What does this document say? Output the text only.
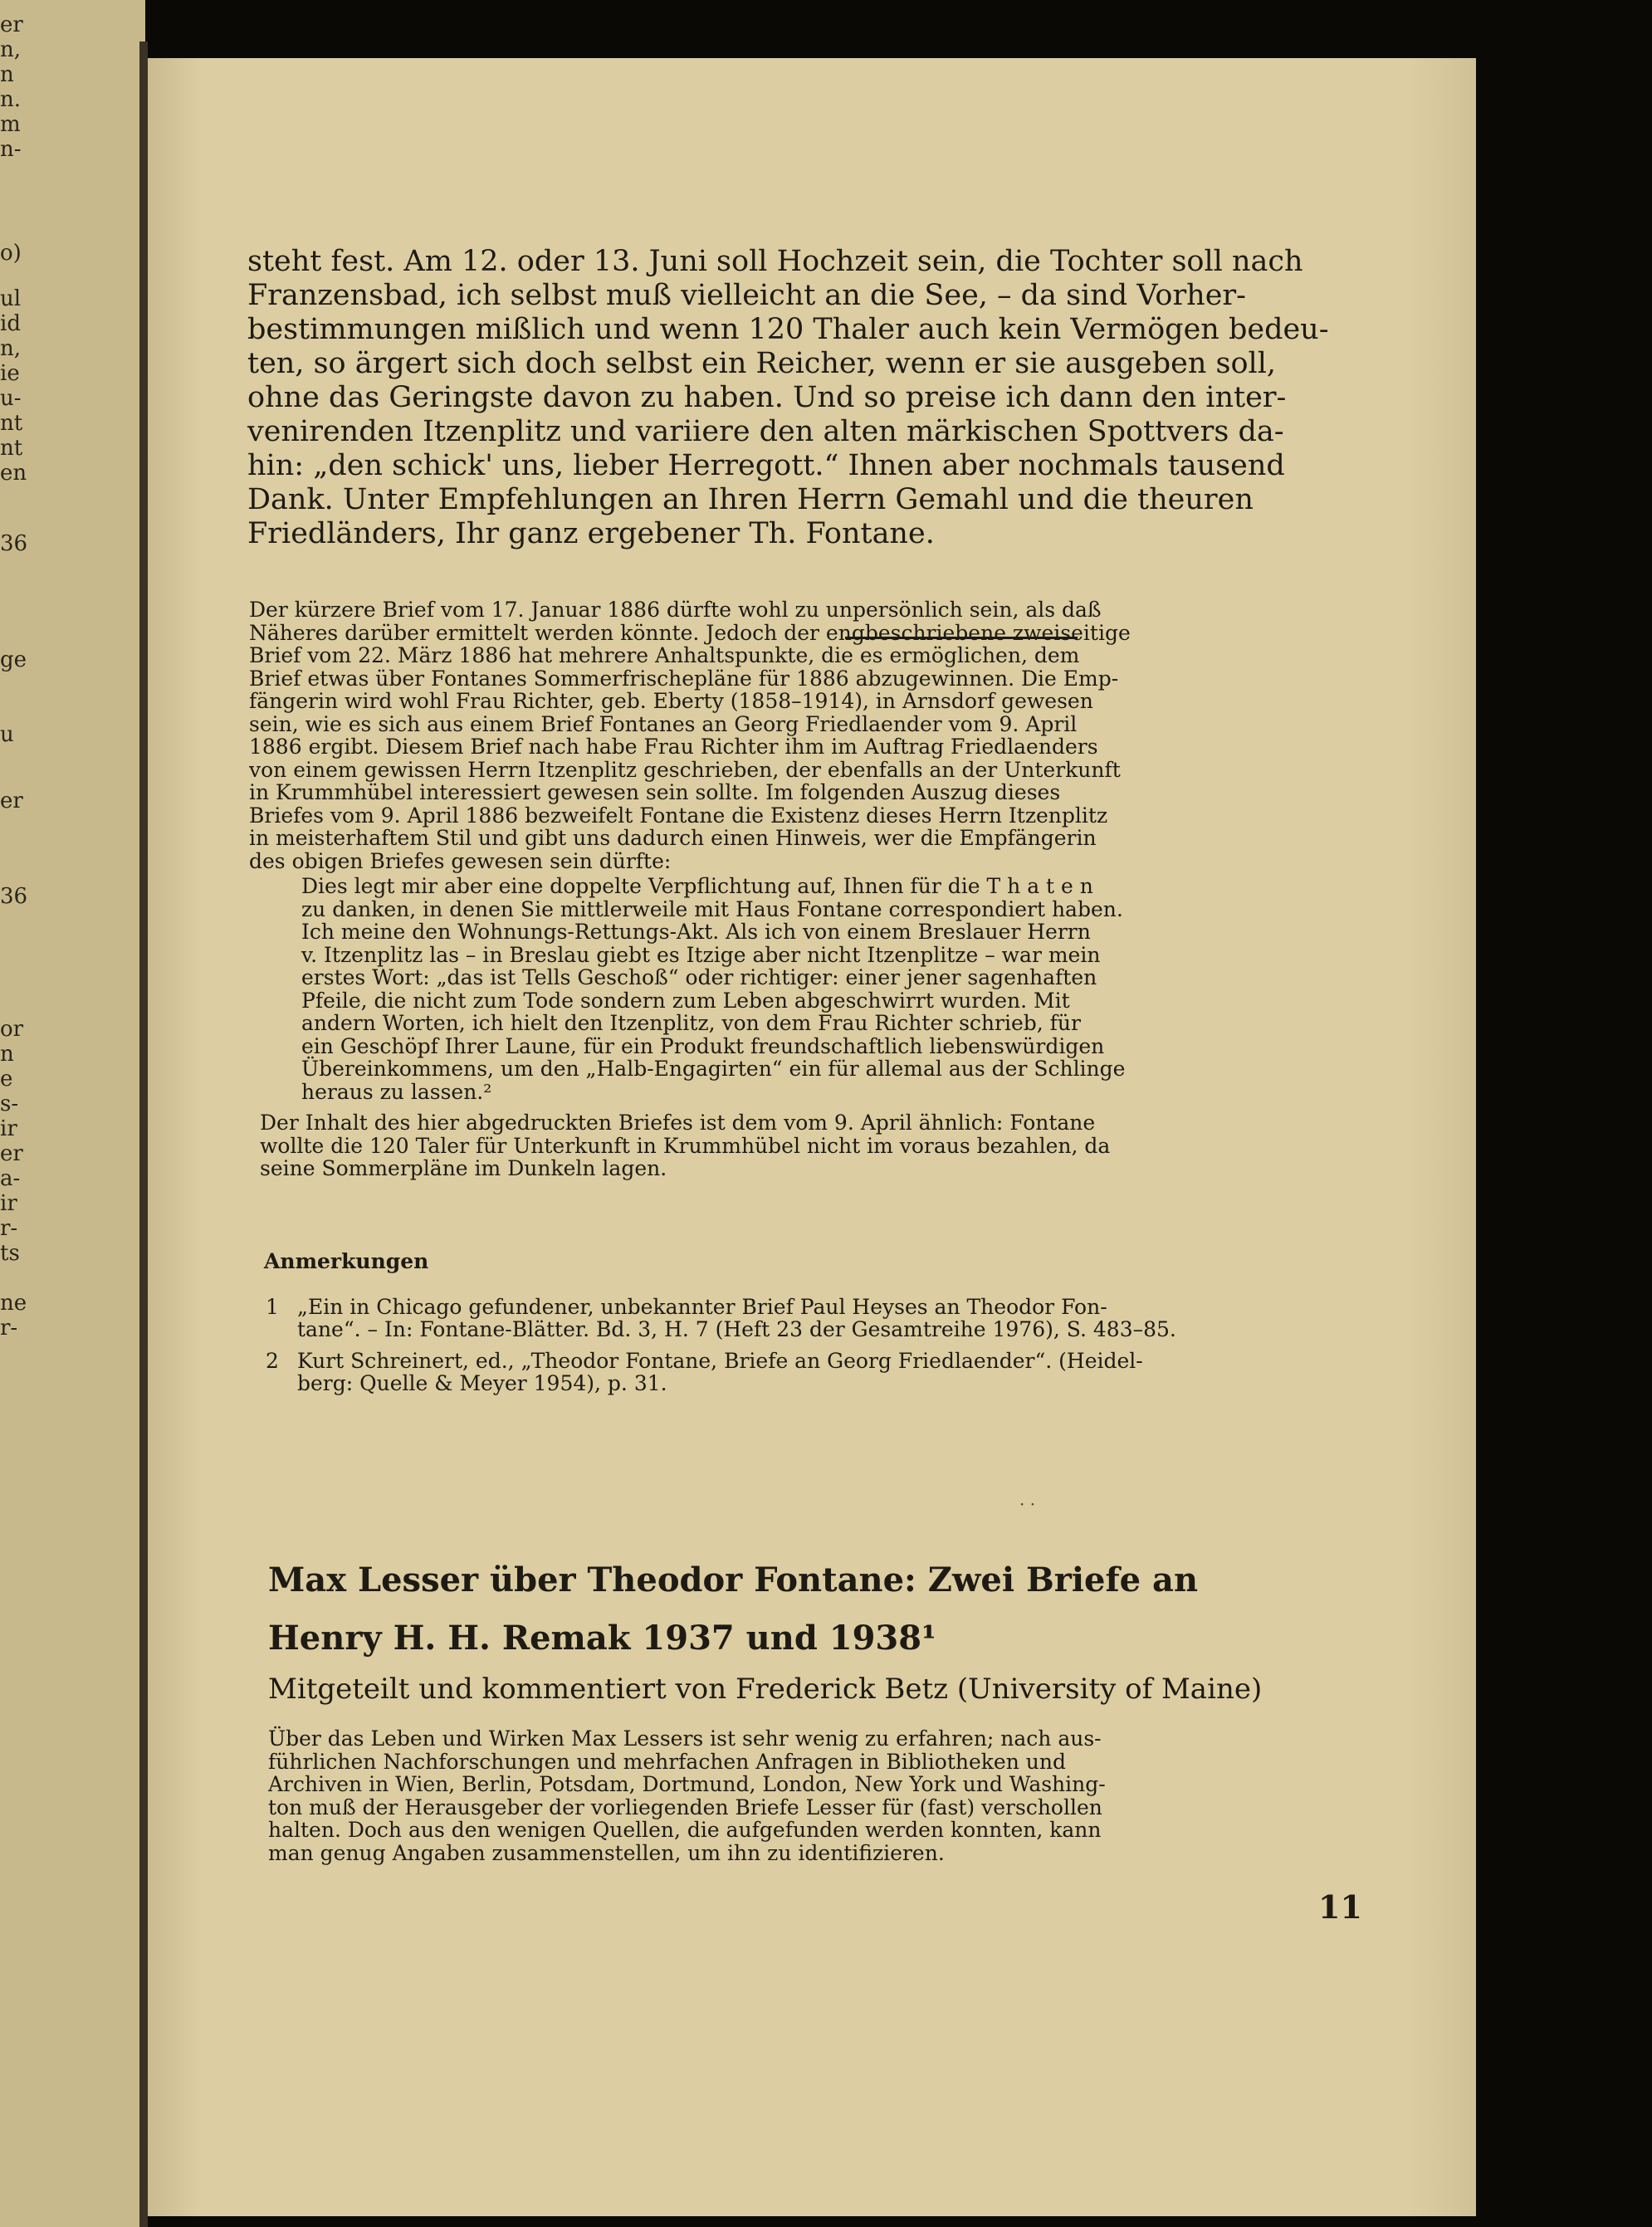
er
n,
n
n.
m
n-
o)
ul
id
n,
ie
u-
nt
nt
en
36
ge
u
er
36
or
n
e
s-
ir
er
a-
ir
r-
ts
ne
r-
steht fest. Am 12. oder 13. Juni soll Hochzeit sein, die Tochter soll nach
Franzensbad, ich selbst muß vielleicht an die See, – da sind Vorher-
bestimmungen mißlich und wenn 120 Thaler auch kein Vermögen bedeu-
ten, so ärgert sich doch selbst ein Reicher, wenn er sie ausgeben soll,
ohne das Geringste davon zu haben. Und so preise ich dann den inter-
venirenden Itzenplitz und variiere den alten märkischen Spottvers da-
hin: „den schick' uns, lieber Herregott.“ Ihnen aber nochmals tausend
Dank. Unter Empfehlungen an Ihren Herrn Gemahl und die theuren
Friedländers, Ihr ganz ergebener Th. Fontane.
Der kürzere Brief vom 17. Januar 1886 dürfte wohl zu unpersönlich sein, als daß
Näheres darüber ermittelt werden könnte. Jedoch der engbeschriebene zweiseitige
Brief vom 22. März 1886 hat mehrere Anhaltspunkte, die es ermöglichen, dem
Brief etwas über Fontanes Sommerfrischepläne für 1886 abzugewinnen. Die Emp-
fängerin wird wohl Frau Richter, geb. Eberty (1858–1914), in Arnsdorf gewesen
sein, wie es sich aus einem Brief Fontanes an Georg Friedlaender vom 9. April
1886 ergibt. Diesem Brief nach habe Frau Richter ihm im Auftrag Friedlaenders
von einem gewissen Herrn Itzenplitz geschrieben, der ebenfalls an der Unterkunft
in Krummhübel interessiert gewesen sein sollte. Im folgenden Auszug dieses
Briefes vom 9. April 1886 bezweifelt Fontane die Existenz dieses Herrn Itzenplitz
in meisterhaftem Stil und gibt uns dadurch einen Hinweis, wer die Empfängerin
des obigen Briefes gewesen sein dürfte:
Dies legt mir aber eine doppelte Verpflichtung auf, Ihnen für die T h a t e n
zu danken, in denen Sie mittlerweile mit Haus Fontane correspondiert haben.
Ich meine den Wohnungs-Rettungs-Akt. Als ich von einem Breslauer Herrn
v. Itzenplitz las – in Breslau giebt es Itzige aber nicht Itzenplitze – war mein
erstes Wort: „das ist Tells Geschoß“ oder richtiger: einer jener sagenhaften
Pfeile, die nicht zum Tode sondern zum Leben abgeschwirrt wurden. Mit
andern Worten, ich hielt den Itzenplitz, von dem Frau Richter schrieb, für
ein Geschöpf Ihrer Laune, für ein Produkt freundschaftlich liebenswürdigen
Übereinkommens, um den „Halb-Engagirten“ ein für allemal aus der Schlinge
heraus zu lassen.²
Der Inhalt des hier abgedruckten Briefes ist dem vom 9. April ähnlich: Fontane
wollte die 120 Taler für Unterkunft in Krummhübel nicht im voraus bezahlen, da
seine Sommerpläne im Dunkeln lagen.
Anmerkungen
1 „Ein in Chicago gefundener, unbekannter Brief Paul Heyses an Theodor Fon-
tane“. – In: Fontane-Blätter. Bd. 3, H. 7 (Heft 23 der Gesamtreihe 1976), S. 483–85.
2 Kurt Schreinert, ed., „Theodor Fontane, Briefe an Georg Friedlaender“. (Heidel-
berg: Quelle & Meyer 1954), p. 31.
· ·
Max Lesser über Theodor Fontane: Zwei Briefe an
Henry H. H. Remak 1937 und 1938¹
Mitgeteilt und kommentiert von Frederick Betz (University of Maine)
Über das Leben und Wirken Max Lessers ist sehr wenig zu erfahren; nach aus-
führlichen Nachforschungen und mehrfachen Anfragen in Bibliotheken und
Archiven in Wien, Berlin, Potsdam, Dortmund, London, New York und Washing-
ton muß der Herausgeber der vorliegenden Briefe Lesser für (fast) verschollen
halten. Doch aus den wenigen Quellen, die aufgefunden werden konnten, kann
man genug Angaben zusammenstellen, um ihn zu identifizieren.
11
